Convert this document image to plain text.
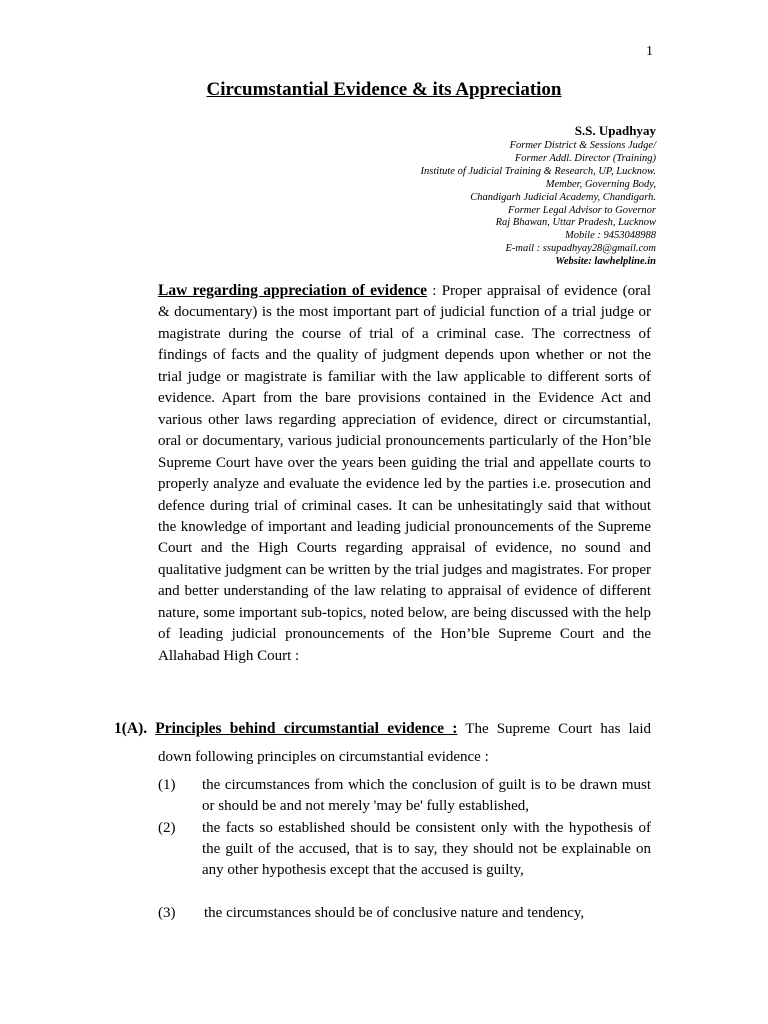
1
Circumstantial Evidence & its Appreciation
S.S. Upadhyay
Former District & Sessions Judge/
Former Addl. Director (Training)
Institute of Judicial Training & Research, UP, Lucknow.
Member, Governing Body,
Chandigarh Judicial Academy, Chandigarh.
Former Legal Advisor to Governor
Raj Bhawan, Uttar Pradesh, Lucknow
Mobile : 9453048988
E-mail : ssupadhyay28@gmail.com
Website: lawhelpline.in
Law regarding appreciation of evidence : Proper appraisal of evidence (oral & documentary) is the most important part of judicial function of a trial judge or magistrate during the course of trial of a criminal case. The correctness of findings of facts and the quality of judgment depends upon whether or not the trial judge or magistrate is familiar with the law applicable to different sorts of evidence. Apart from the bare provisions contained in the Evidence Act and various other laws regarding appreciation of evidence, direct or circumstantial, oral or documentary, various judicial pronouncements particularly of the Hon’ble Supreme Court have over the years been guiding the trial and appellate courts to properly analyze and evaluate the evidence led by the parties i.e. prosecution and defence during trial of criminal cases. It can be unhesitatingly said that without the knowledge of important and leading judicial pronouncements of the Supreme Court and the High Courts regarding appraisal of evidence, no sound and qualitative judgment can be written by the trial judges and magistrates. For proper and better understanding of the law relating to appraisal of evidence of different nature, some important sub-topics, noted below, are being discussed with the help of leading judicial pronouncements of the Hon’ble Supreme Court and the Allahabad High Court :
1(A). Principles behind circumstantial evidence : The Supreme Court has laid
down following principles on circumstantial evidence :
(1) the circumstances from which the conclusion of guilt is to be drawn must or should be and not merely 'may be' fully established,
(2) the facts so established should be consistent only with the hypothesis of the guilt of the accused, that is to say, they should not be explainable on any other hypothesis except that the accused is guilty,
(3) the circumstances should be of conclusive nature and tendency,
